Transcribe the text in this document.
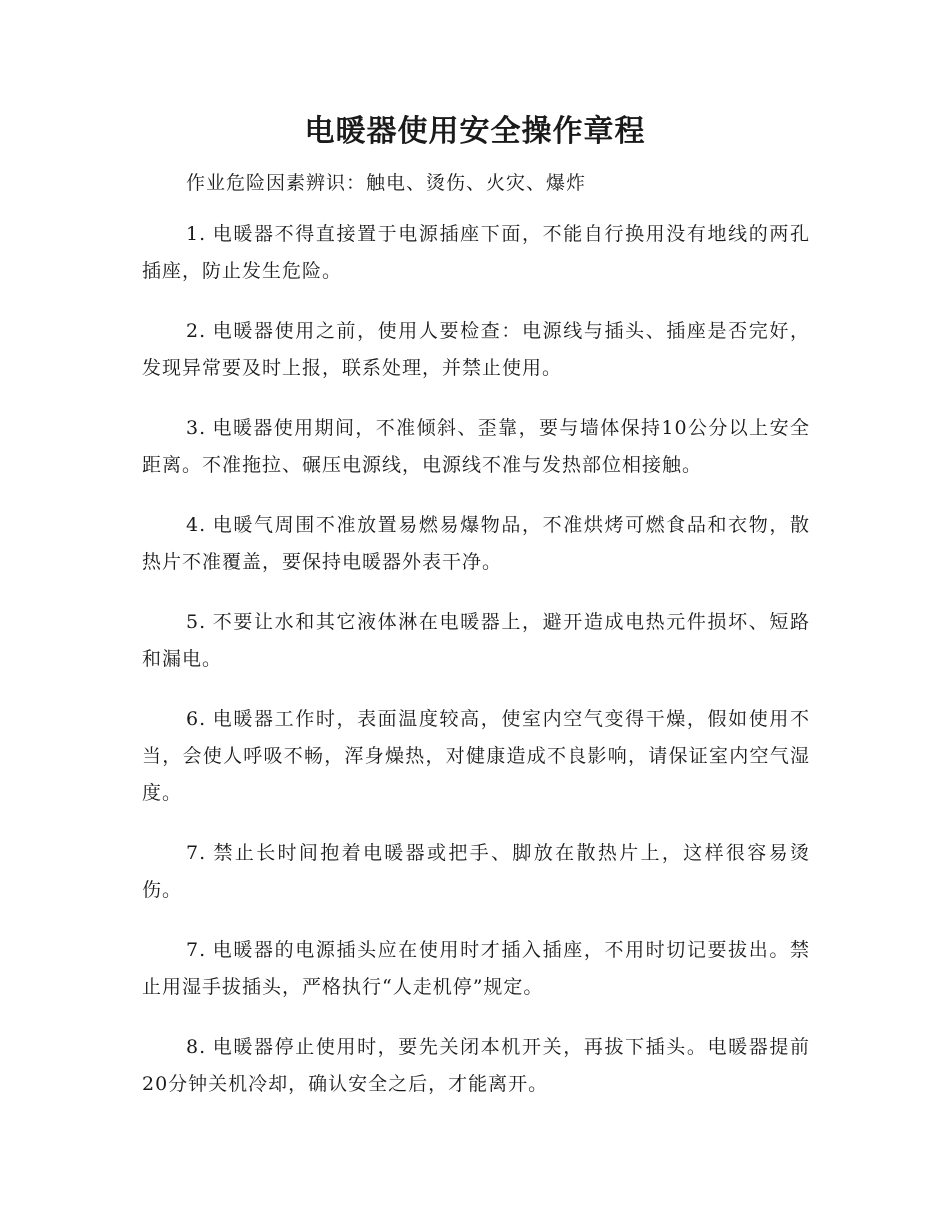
电暖器使用安全操作章程

作业危险因素辨识：触电、烫伤、火灾、爆炸

1. 电暖器不得直接置于电源插座下面，不能自行换用没有地线的两孔插座，防止发生危险。

2. 电暖器使用之前，使用人要检查：电源线与插头、插座是否完好，发现异常要及时上报，联系处理，并禁止使用。

3. 电暖器使用期间，不准倾斜、歪靠，要与墙体保持10公分以上安全距离。不准拖拉、碾压电源线，电源线不准与发热部位相接触。

4. 电暖气周围不准放置易燃易爆物品，不准烘烤可燃食品和衣物，散热片不准覆盖，要保持电暖器外表干净。

5. 不要让水和其它液体淋在电暖器上，避开造成电热元件损坏、短路和漏电。

6. 电暖器工作时，表面温度较高，使室内空气变得干燥，假如使用不当，会使人呼吸不畅，浑身燥热，对健康造成不良影响，请保证室内空气湿度。

7. 禁止长时间抱着电暖器或把手、脚放在散热片上，这样很容易烫伤。

7. 电暖器的电源插头应在使用时才插入插座，不用时切记要拔出。禁止用湿手拔插头，严格执行“人走机停”规定。

8. 电暖器停止使用时，要先关闭本机开关，再拔下插头。电暖器提前20分钟关机冷却，确认安全之后，才能离开。
